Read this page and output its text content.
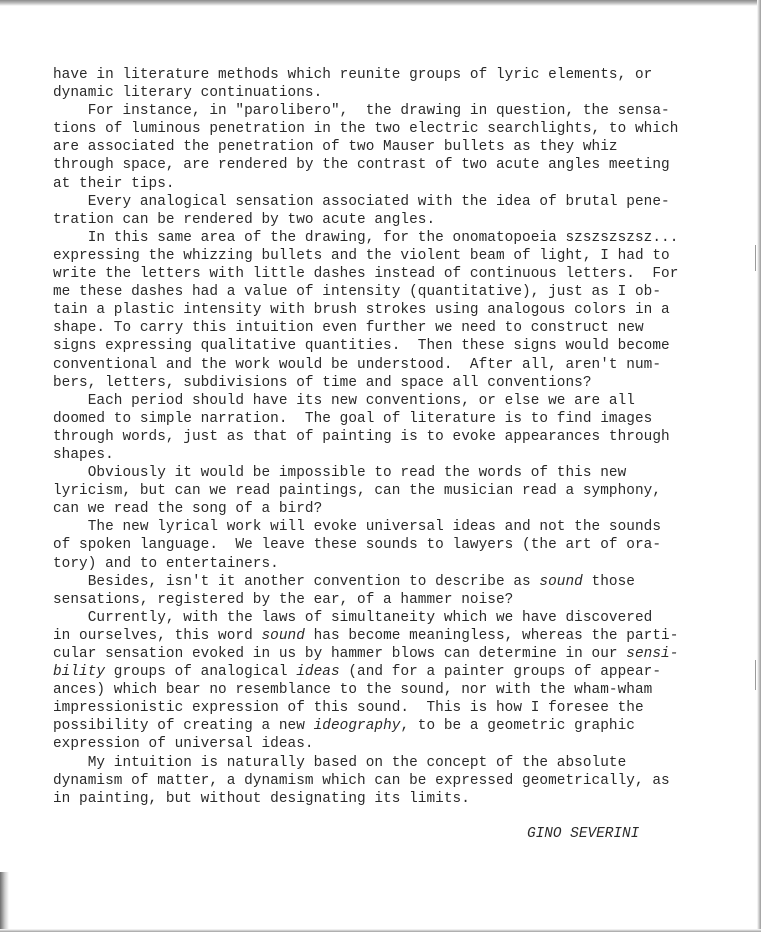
have in literature methods which reunite groups of lyric elements, or
dynamic literary continuations.
For instance, in "parolibero",  the drawing in question, the sensa-
tions of luminous penetration in the two electric searchlights, to which
are associated the penetration of two Mauser bullets as they whiz
through space, are rendered by the contrast of two acute angles meeting
at their tips.
Every analogical sensation associated with the idea of brutal pene-
tration can be rendered by two acute angles.
In this same area of the drawing, for the onomatopoeia szszszszsz...
expressing the whizzing bullets and the violent beam of light, I had to
write the letters with little dashes instead of continuous letters.  For
me these dashes had a value of intensity (quantitative), just as I ob-
tain a plastic intensity with brush strokes using analogous colors in a
shape. To carry this intuition even further we need to construct new
signs expressing qualitative quantities.  Then these signs would become
conventional and the work would be understood.  After all, aren't num-
bers, letters, subdivisions of time and space all conventions?
Each period should have its new conventions, or else we are all
doomed to simple narration.  The goal of literature is to find images
through words, just as that of painting is to evoke appearances through
shapes.
Obviously it would be impossible to read the words of this new
lyricism, but can we read paintings, can the musician read a symphony,
can we read the song of a bird?
The new lyrical work will evoke universal ideas and not the sounds
of spoken language.  We leave these sounds to lawyers (the art of ora-
tory) and to entertainers.
Besides, isn't it another convention to describe as sound those
sensations, registered by the ear, of a hammer noise?
Currently, with the laws of simultaneity which we have discovered
in ourselves, this word sound has become meaningless, whereas the parti-
cular sensation evoked in us by hammer blows can determine in our sensi-
bility groups of analogical ideas (and for a painter groups of appear-
ances) which bear no resemblance to the sound, nor with the wham-wham
impressionistic expression of this sound.  This is how I foresee the
possibility of creating a new ideography, to be a geometric graphic
expression of universal ideas.
My intuition is naturally based on the concept of the absolute
dynamism of matter, a dynamism which can be expressed geometrically, as
in painting, but without designating its limits.
GINO SEVERINI
